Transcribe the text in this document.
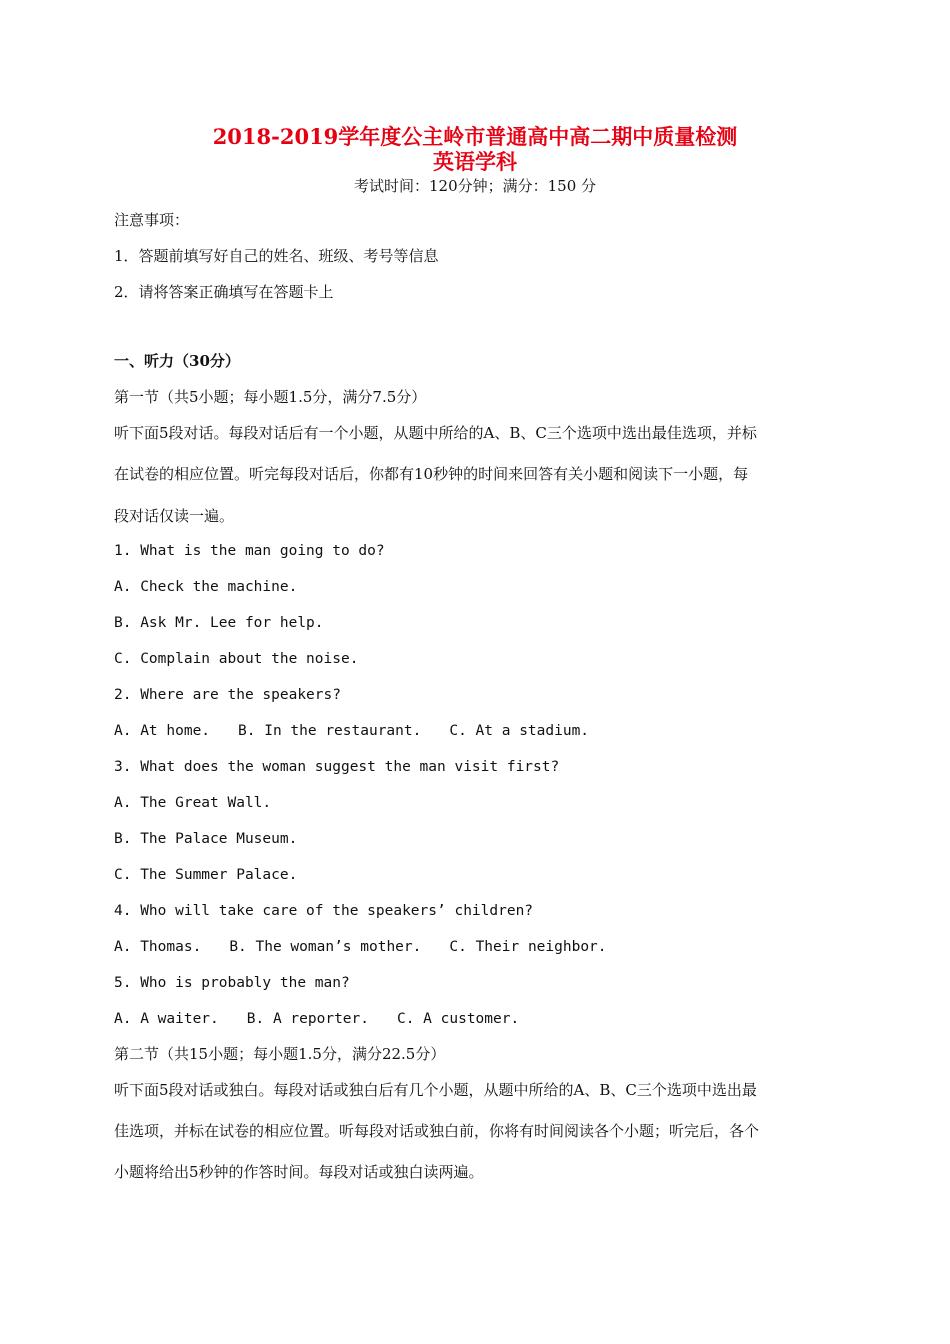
2018-2019学年度公主岭市普通高中高二期中质量检测
英语学科
考试时间：120分钟；满分：150 分
注意事项：
1．答题前填写好自己的姓名、班级、考号等信息
2．请将答案正确填写在答题卡上
一、听力（30分）
第一节（共5小题；每小题1.5分，满分7.5分）
听下面5段对话。每段对话后有一个小题，从题中所给的A、B、C三个选项中选出最佳选项，并标
在试卷的相应位置。听完每段对话后，你都有10秒钟的时间来回答有关小题和阅读下一小题，每
段对话仅读一遍。
1. What is the man going to do?
A. Check the machine.
B. Ask Mr. Lee for help.
C. Complain about the noise.
2. Where are the speakers?
A. At home. B. In the restaurant. C. At a stadium.
3. What does the woman suggest the man visit first?
A. The Great Wall.
B. The Palace Museum.
C. The Summer Palace.
4. Who will take care of the speakers’ children?
A. Thomas. B. The woman’s mother. C. Their neighbor.
5. Who is probably the man?
A. A waiter. B. A reporter. C. A customer.
第二节（共15小题；每小题1.5分，满分22.5分）
听下面5段对话或独白。每段对话或独白后有几个小题，从题中所给的A、B、C三个选项中选出最
佳选项，并标在试卷的相应位置。听每段对话或独白前，你将有时间阅读各个小题；听完后，各个
小题将给出5秒钟的作答时间。每段对话或独白读两遍。
